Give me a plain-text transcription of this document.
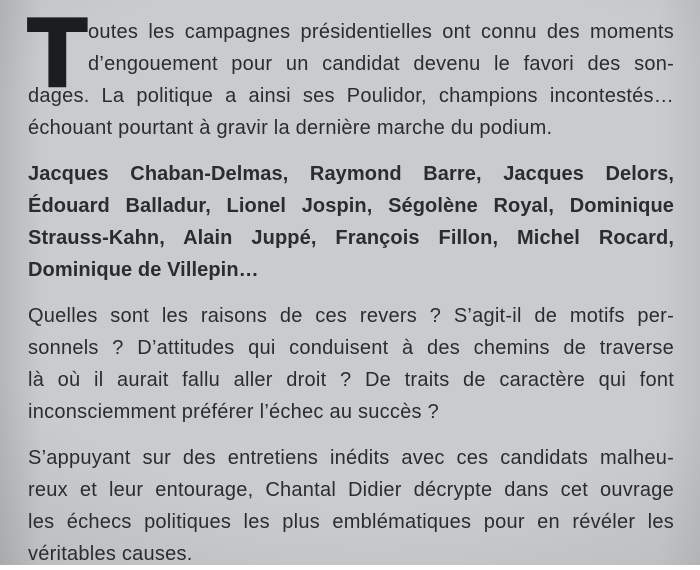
T outes les campagnes présidentielles ont connu des moments
d’engouement pour un candidat devenu le favori des son-
dages. La politique a ainsi ses Poulidor, champions incontestés…
échouant pourtant à gravir la dernière marche du podium.
Jacques Chaban-Delmas, Raymond Barre, Jacques Delors,
Édouard Balladur, Lionel Jospin, Ségolène Royal, Dominique
Strauss-Kahn, Alain Juppé, François Fillon, Michel Rocard,
Dominique de Villepin…
Quelles sont les raisons de ces revers ? S’agit-il de motifs per-
sonnels ? D’attitudes qui conduisent à des chemins de traverse
là où il aurait fallu aller droit ? De traits de caractère qui font
inconsciemment préférer l’échec au succès ?
S’appuyant sur des entretiens inédits avec ces candidats malheu-
reux et leur entourage, Chantal Didier décrypte dans cet ouvrage
les échecs politiques les plus emblématiques pour en révéler les
véritables causes.
